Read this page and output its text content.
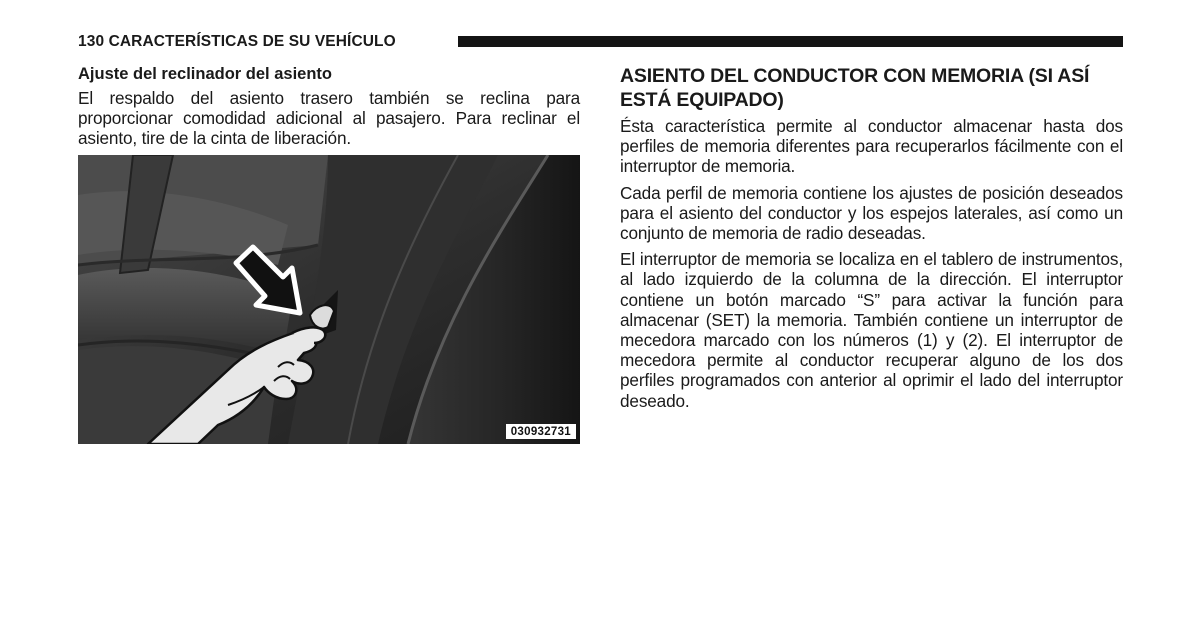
130 CARACTERÍSTICAS DE SU VEHÍCULO
Ajuste del reclinador del asiento

El respaldo del asiento trasero también se reclina para proporcionar comodidad adicional al pasajero. Para reclinar el asiento, tire de la cinta de liberación.

030932731
ASIENTO DEL CONDUCTOR CON MEMORIA (SI ASÍ ESTÁ EQUIPADO)

Ésta característica permite al conductor almacenar hasta dos perfiles de memoria diferentes para recuperarlos fácilmente con el interruptor de memoria.

Cada perfil de memoria contiene los ajustes de posición deseados para el asiento del conductor y los espejos laterales, así como un conjunto de memoria de radio deseadas.

El interruptor de memoria se localiza en el tablero de instrumentos, al lado izquierdo de la columna de la dirección. El interruptor contiene un botón marcado “S” para activar la función para almacenar (SET) la memoria. También contiene un interruptor de mecedora marcado con los números (1) y (2). El interruptor de mecedora permite al conductor recuperar alguno de los dos perfiles programados con anterior al oprimir el lado del interruptor deseado.
